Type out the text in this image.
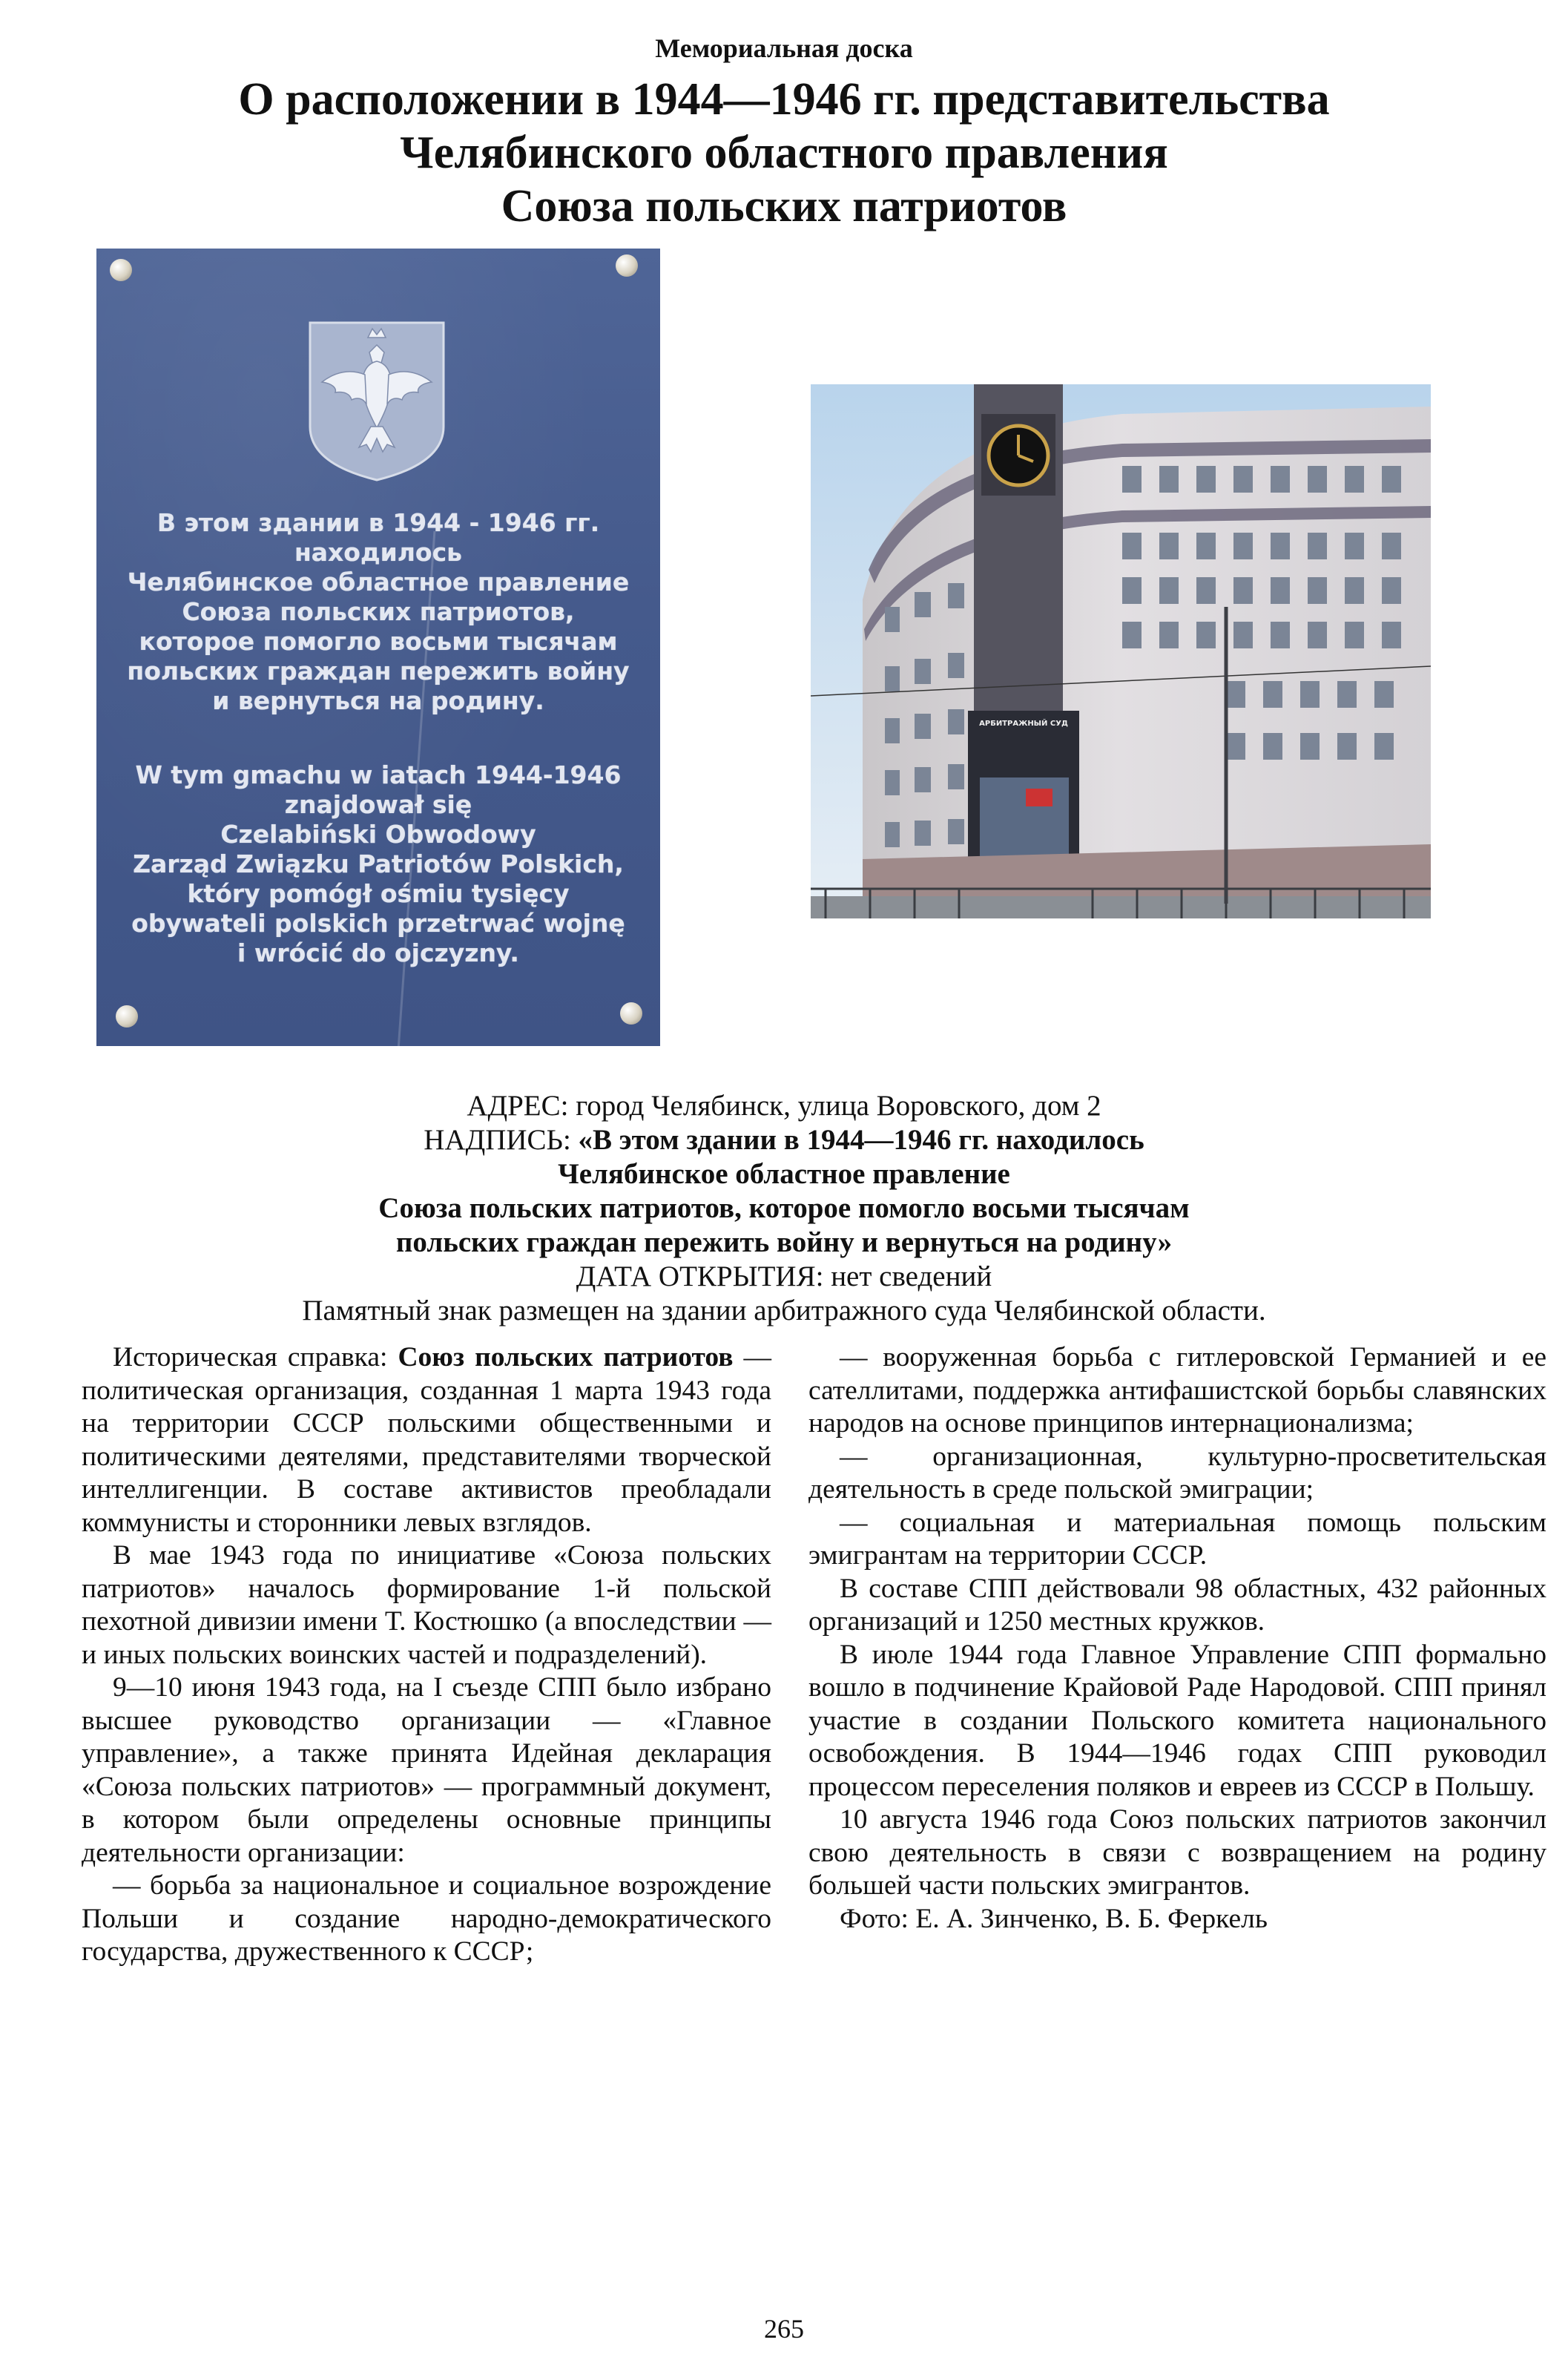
Мемориальная доска
О расположении в 1944—1946 гг. представительства
Челябинского областного правления
Союза польских патриотов
В этом здании в 1944 - 1946 гг.
находилось
Челябинское областное правление
Союза польских патриотов,
которое помогло восьми тысячам
польских граждан пережить войну
и вернуться на родину.
W tym gmachu w iatach 1944-1946
znajdował się
Czelabiński Obwodowy
Zarząd Związku Patriotów Polskich,
który pomógł ośmiu tysięcy
obywateli polskich przetrwać wojnę
i wrócić do ojczyzny.
АРБИТРАЖНЫЙ СУД
АДРЕС: город Челябинск, улица Воровского, дом 2
НАДПИСЬ: «В этом здании в 1944—1946 гг. находилось
Челябинское областное правление
Союза польских патриотов, которое помогло восьми тысячам
польских граждан пережить войну и вернуться на родину»
ДАТА ОТКРЫТИЯ: нет сведений
Памятный знак размещен на здании арбитражного суда Челябинской области.

Историческая справка: Союз польских патриотов — политическая организация, созданная 1 марта 1943 года на территории СССР польскими общественными и политическими деятелями, представителями творческой интеллигенции. В составе активистов преобладали коммунисты и сторонники левых взглядов.

В мае 1943 года по инициативе «Союза польских патриотов» началось формирование 1-й польской пехотной дивизии имени Т. Костюшко (а впоследствии — и иных польских воинских частей и подразделений).

9—10 июня 1943 года, на I съезде СПП было избрано высшее руководство организации — «Главное управление», а также принята Идейная декларация «Союза польских патриотов» — программный документ, в котором были определены основные принципы деятельности организации:

— борьба за национальное и социальное возрождение Польши и создание народно-демократического государства, дружественного к СССР;

— вооруженная борьба с гитлеровской Германией и ее сателлитами, поддержка антифашистской борьбы славянских народов на основе принципов интернационализма;

— организационная, культурно-просветительская деятельность в среде польской эмиграции;

— социальная и материальная помощь польским эмигрантам на территории СССР.

В составе СПП действовали 98 областных, 432 районных организаций и 1250 местных кружков.

В июле 1944 года Главное Управление СПП формально вошло в подчинение Крайовой Раде Народовой. СПП принял участие в создании Польского комитета национального освобождения. В 1944—1946 годах СПП руководил процессом переселения поляков и евреев из СССР в Польшу.

10 августа 1946 года Союз польских патриотов закончил свою деятельность в связи с возвращением на родину большей части польских эмигрантов.

Фото: Е. А. Зинченко, В. Б. Феркель

265
